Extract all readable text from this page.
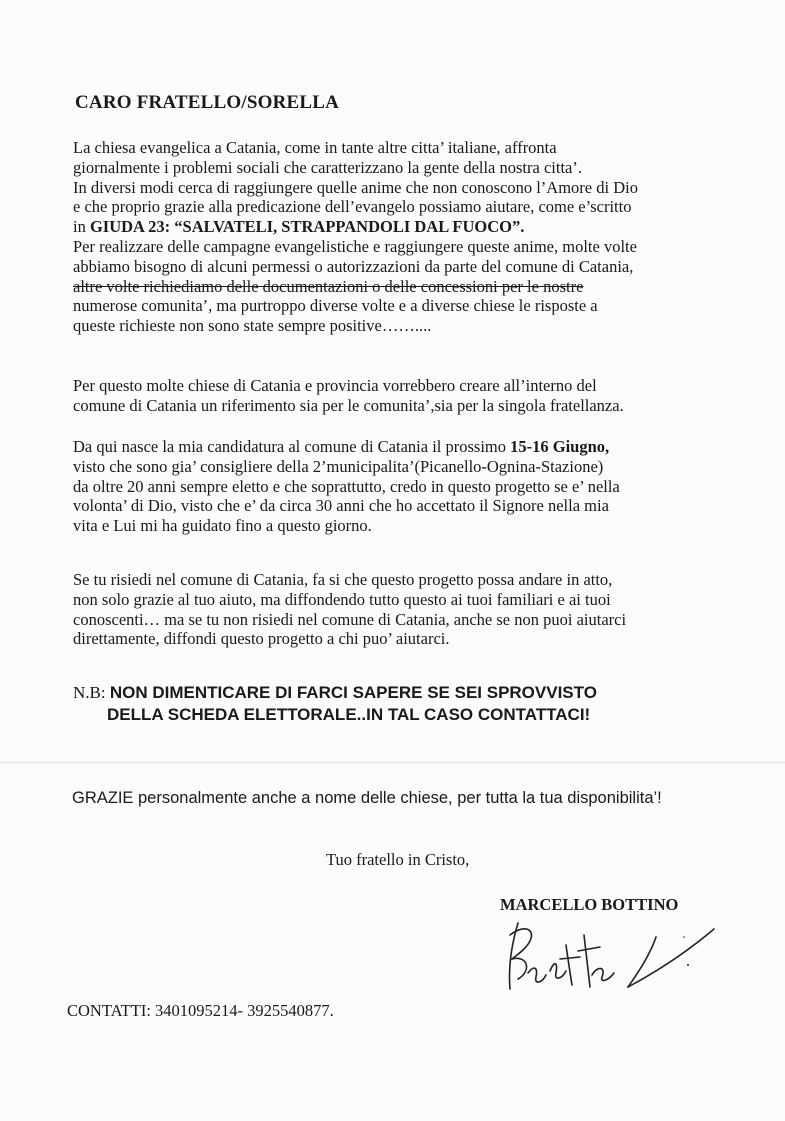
CARO FRATELLO/SORELLA
La chiesa evangelica a Catania, come in tante altre citta’ italiane, affronta
giornalmente i problemi sociali che caratterizzano la gente della nostra citta’.
In diversi modi cerca di raggiungere quelle anime che non conoscono l’Amore di Dio
e che proprio grazie alla predicazione dell’evangelo possiamo aiutare, come e’scritto
in GIUDA 23: “SALVATELI, STRAPPANDOLI DAL FUOCO”.
Per realizzare delle campagne evangelistiche e raggiungere queste anime, molte volte
abbiamo bisogno di alcuni permessi o autorizzazioni da parte del comune di Catania,
altre volte richiediamo delle documentazioni o delle concessioni per le nostre
numerose comunita’, ma purtroppo diverse volte e a diverse chiese le risposte a
queste richieste non sono state sempre positive……....
Per questo molte chiese di Catania e provincia vorrebbero creare all’interno del
comune di Catania un riferimento sia per le comunita’,sia per la singola fratellanza.
Da qui nasce la mia candidatura al comune di Catania il prossimo 15-16 Giugno,
visto che sono gia’ consigliere della 2’municipalita’(Picanello-Ognina-Stazione)
da oltre 20 anni sempre eletto e che soprattutto, credo in questo progetto se e’ nella
volonta’ di Dio, visto che e’ da circa 30 anni che ho accettato il Signore nella mia
vita e Lui mi ha guidato fino a questo giorno.
Se tu risiedi nel comune di Catania, fa si che questo progetto possa andare in atto,
non solo grazie al tuo aiuto, ma diffondendo tutto questo ai tuoi familiari e ai tuoi
conoscenti… ma se tu non risiedi nel comune di Catania, anche se non puoi aiutarci
direttamente, diffondi questo progetto a chi puo’ aiutarci.
N.B: NON DIMENTICARE DI FARCI SAPERE SE SEI SPROVVISTO
DELLA SCHEDA ELETTORALE..IN TAL CASO CONTATTACI!
GRAZIE personalmente anche a nome delle chiese, per tutta la tua disponibilita’!
Tuo fratello in Cristo,
MARCELLO BOTTINO
CONTATTI: 3401095214- 3925540877.
